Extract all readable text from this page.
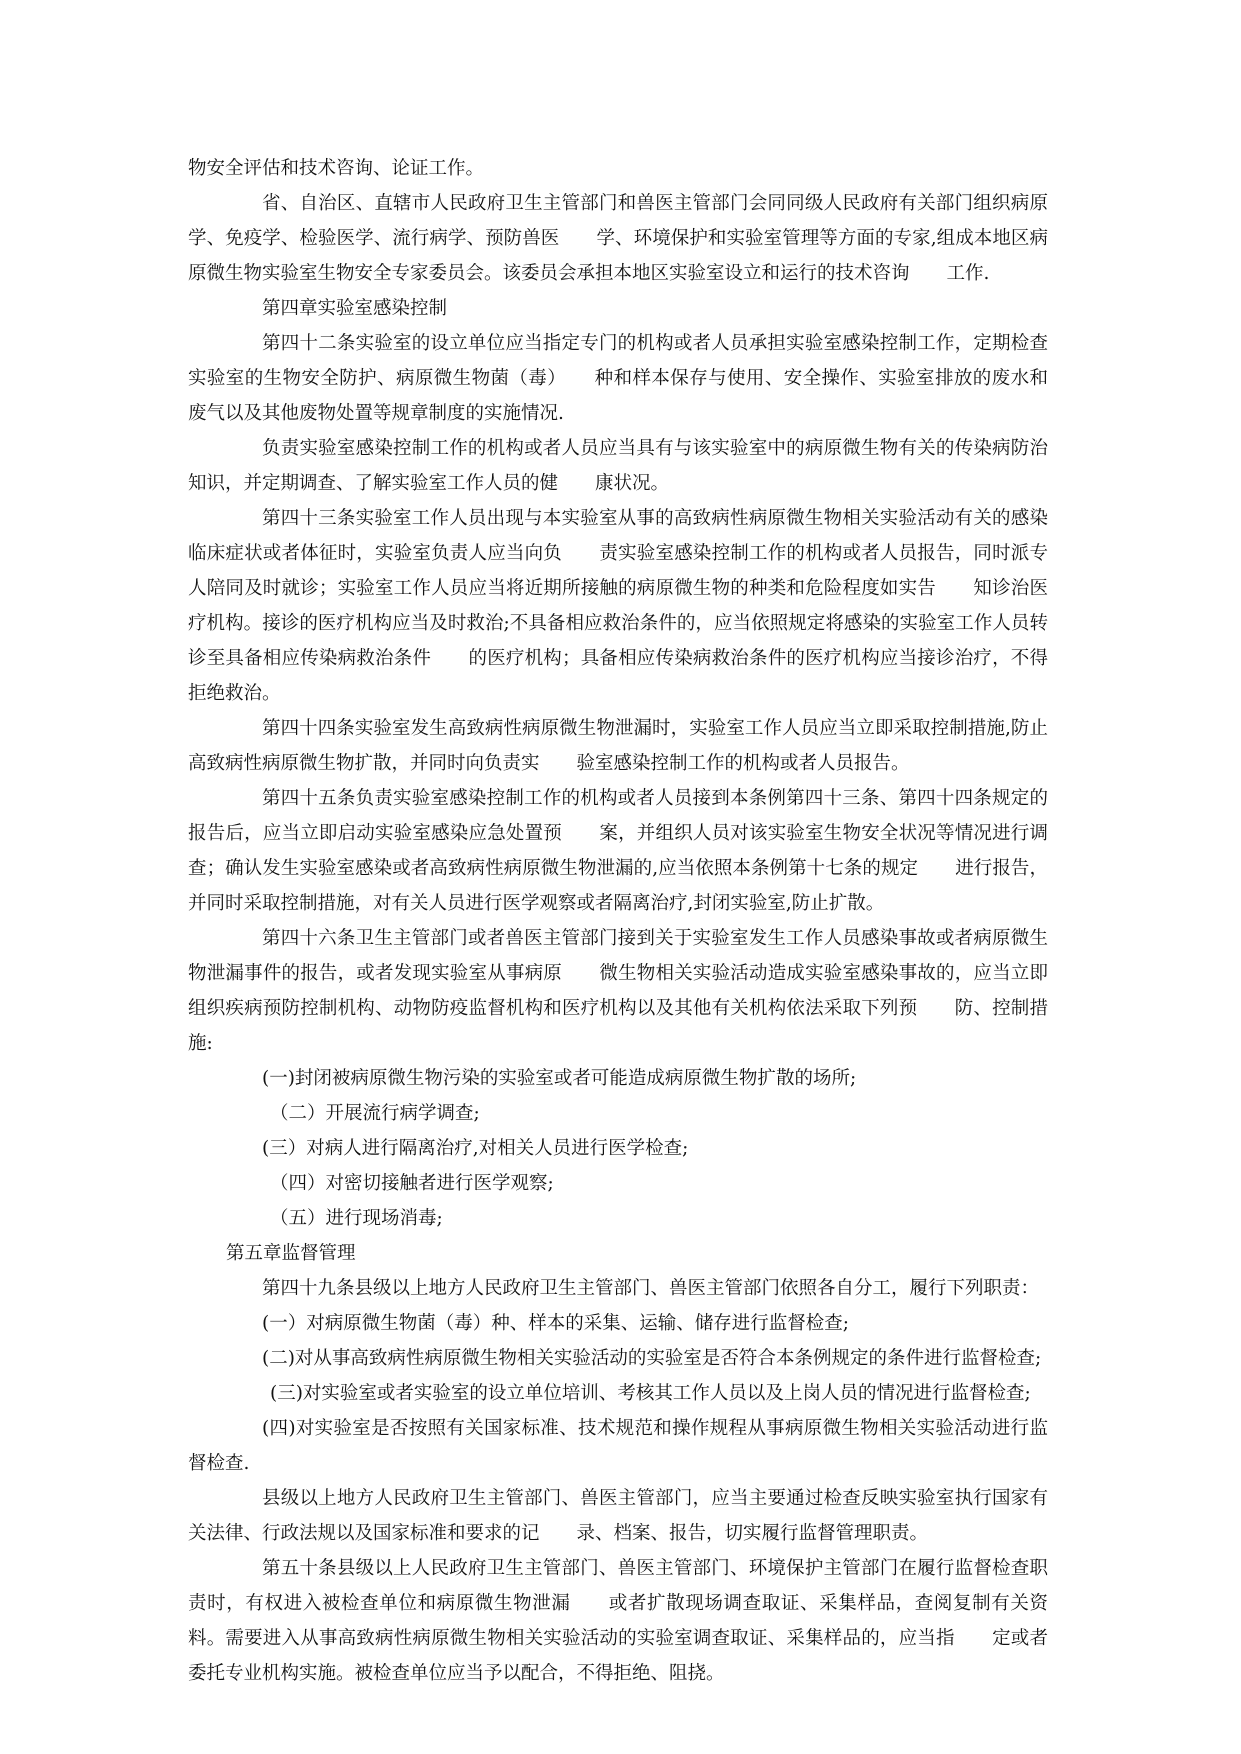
物安全评估和技术咨询、论证工作。

省、自治区、直辖市人民政府卫生主管部门和兽医主管部门会同同级人民政府有关部门组织病原学、免疫学、检验医学、流行病学、预防兽医　　学、环境保护和实验室管理等方面的专家,组成本地区病原微生物实验室生物安全专家委员会。该委员会承担本地区实验室设立和运行的技术咨询　　工作.

第四章实验室感染控制

第四十二条实验室的设立单位应当指定专门的机构或者人员承担实验室感染控制工作，定期检查实验室的生物安全防护、病原微生物菌（毒）　　种和样本保存与使用、安全操作、实验室排放的废水和废气以及其他废物处置等规章制度的实施情况.

负责实验室感染控制工作的机构或者人员应当具有与该实验室中的病原微生物有关的传染病防治知识，并定期调查、了解实验室工作人员的健　　康状况。

第四十三条实验室工作人员出现与本实验室从事的高致病性病原微生物相关实验活动有关的感染临床症状或者体征时，实验室负责人应当向负　　责实验室感染控制工作的机构或者人员报告，同时派专人陪同及时就诊；实验室工作人员应当将近期所接触的病原微生物的种类和危险程度如实告　　知诊治医疗机构。接诊的医疗机构应当及时救治;不具备相应救治条件的，应当依照规定将感染的实验室工作人员转诊至具备相应传染病救治条件　　的医疗机构；具备相应传染病救治条件的医疗机构应当接诊治疗，不得拒绝救治。

第四十四条实验室发生高致病性病原微生物泄漏时，实验室工作人员应当立即采取控制措施,防止高致病性病原微生物扩散，并同时向负责实　　验室感染控制工作的机构或者人员报告。

第四十五条负责实验室感染控制工作的机构或者人员接到本条例第四十三条、第四十四条规定的报告后，应当立即启动实验室感染应急处置预　　案，并组织人员对该实验室生物安全状况等情况进行调查；确认发生实验室感染或者高致病性病原微生物泄漏的,应当依照本条例第十七条的规定　　进行报告，并同时采取控制措施，对有关人员进行医学观察或者隔离治疗,封闭实验室,防止扩散。

第四十六条卫生主管部门或者兽医主管部门接到关于实验室发生工作人员感染事故或者病原微生物泄漏事件的报告，或者发现实验室从事病原　　微生物相关实验活动造成实验室感染事故的，应当立即组织疾病预防控制机构、动物防疫监督机构和医疗机构以及其他有关机构依法采取下列预　　防、控制措施:

(一)封闭被病原微生物污染的实验室或者可能造成病原微生物扩散的场所;

（二）开展流行病学调查;

(三）对病人进行隔离治疗,对相关人员进行医学检查;

（四）对密切接触者进行医学观察;

（五）进行现场消毒;

第五章监督管理

第四十九条县级以上地方人民政府卫生主管部门、兽医主管部门依照各自分工，履行下列职责：

(一）对病原微生物菌（毒）种、样本的采集、运输、储存进行监督检查;

(二)对从事高致病性病原微生物相关实验活动的实验室是否符合本条例规定的条件进行监督检查;

(三)对实验室或者实验室的设立单位培训、考核其工作人员以及上岗人员的情况进行监督检查;

(四)对实验室是否按照有关国家标准、技术规范和操作规程从事病原微生物相关实验活动进行监督检查.

县级以上地方人民政府卫生主管部门、兽医主管部门，应当主要通过检查反映实验室执行国家有关法律、行政法规以及国家标准和要求的记　　录、档案、报告，切实履行监督管理职责。

第五十条县级以上人民政府卫生主管部门、兽医主管部门、环境保护主管部门在履行监督检查职责时，有权进入被检查单位和病原微生物泄漏　　或者扩散现场调查取证、采集样品，查阅复制有关资料。需要进入从事高致病性病原微生物相关实验活动的实验室调查取证、采集样品的，应当指　　定或者委托专业机构实施。被检查单位应当予以配合，不得拒绝、阻挠。
